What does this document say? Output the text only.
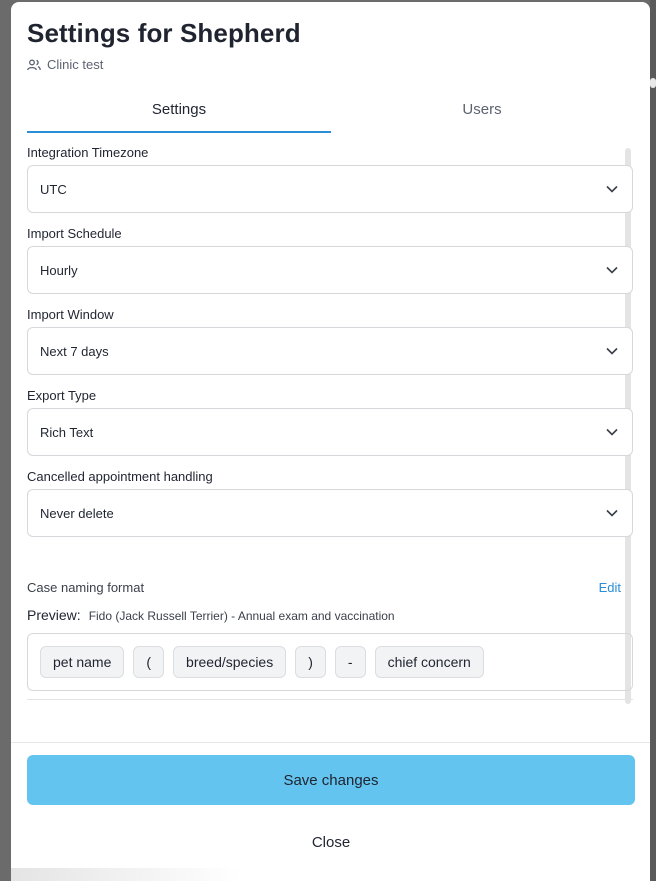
Settings for Shepherd
Clinic test
Settings	Users
Integration Timezone
UTC
Import Schedule
Hourly
Import Window
Next 7 days
Export Type
Rich Text
Cancelled appointment handling
Never delete
Case naming format	Edit
Preview: Fido (Jack Russell Terrier) - Annual exam and vaccination
pet name	(	breed/species	)	-	chief concern
Save changes
Close
